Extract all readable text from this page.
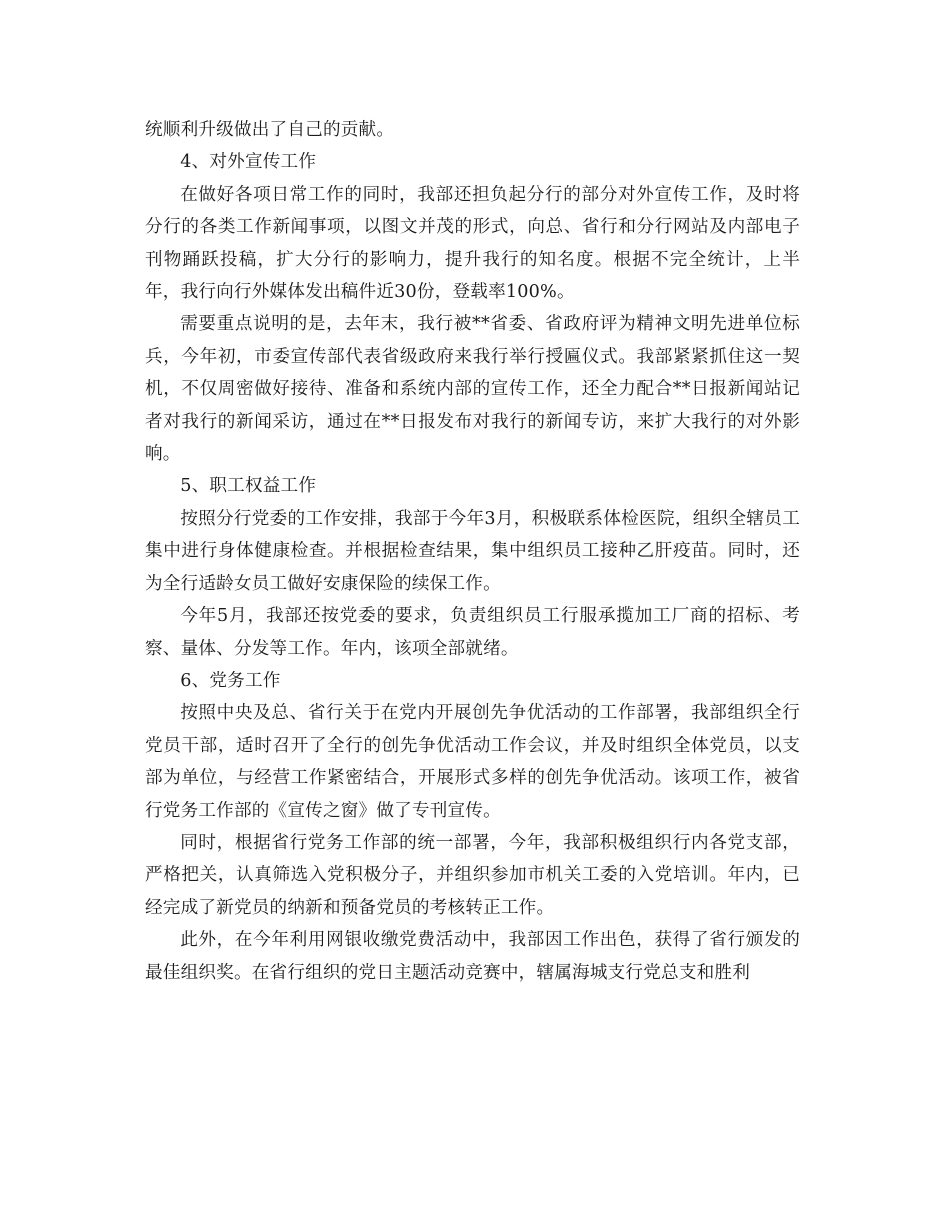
统顺利升级做出了自己的贡献。

4、对外宣传工作

在做好各项日常工作的同时，我部还担负起分行的部分对外宣传工作，及时将分行的各类工作新闻事项，以图文并茂的形式，向总、省行和分行网站及内部电子刊物踊跃投稿，扩大分行的影响力，提升我行的知名度。根据不完全统计，上半年，我行向行外媒体发出稿件近30份，登载率100%。

需要重点说明的是，去年末，我行被**省委、省政府评为精神文明先进单位标兵，今年初，市委宣传部代表省级政府来我行举行授匾仪式。我部紧紧抓住这一契机，不仅周密做好接待、准备和系统内部的宣传工作，还全力配合**日报新闻站记者对我行的新闻采访，通过在**日报发布对我行的新闻专访，来扩大我行的对外影响。

5、职工权益工作

按照分行党委的工作安排，我部于今年3月，积极联系体检医院，组织全辖员工集中进行身体健康检查。并根据检查结果，集中组织员工接种乙肝疫苗。同时，还为全行适龄女员工做好安康保险的续保工作。

今年5月，我部还按党委的要求，负责组织员工行服承揽加工厂商的招标、考察、量体、分发等工作。年内，该项全部就绪。

6、党务工作

按照中央及总、省行关于在党内开展创先争优活动的工作部署，我部组织全行党员干部，适时召开了全行的创先争优活动工作会议，并及时组织全体党员，以支部为单位，与经营工作紧密结合，开展形式多样的创先争优活动。该项工作，被省行党务工作部的《宣传之窗》做了专刊宣传。

同时，根据省行党务工作部的统一部署，今年，我部积极组织行内各党支部，严格把关，认真筛选入党积极分子，并组织参加市机关工委的入党培训。年内，已经完成了新党员的纳新和预备党员的考核转正工作。

此外，在今年利用网银收缴党费活动中，我部因工作出色，获得了省行颁发的最佳组织奖。在省行组织的党日主题活动竞赛中，辖属海城支行党总支和胜利
